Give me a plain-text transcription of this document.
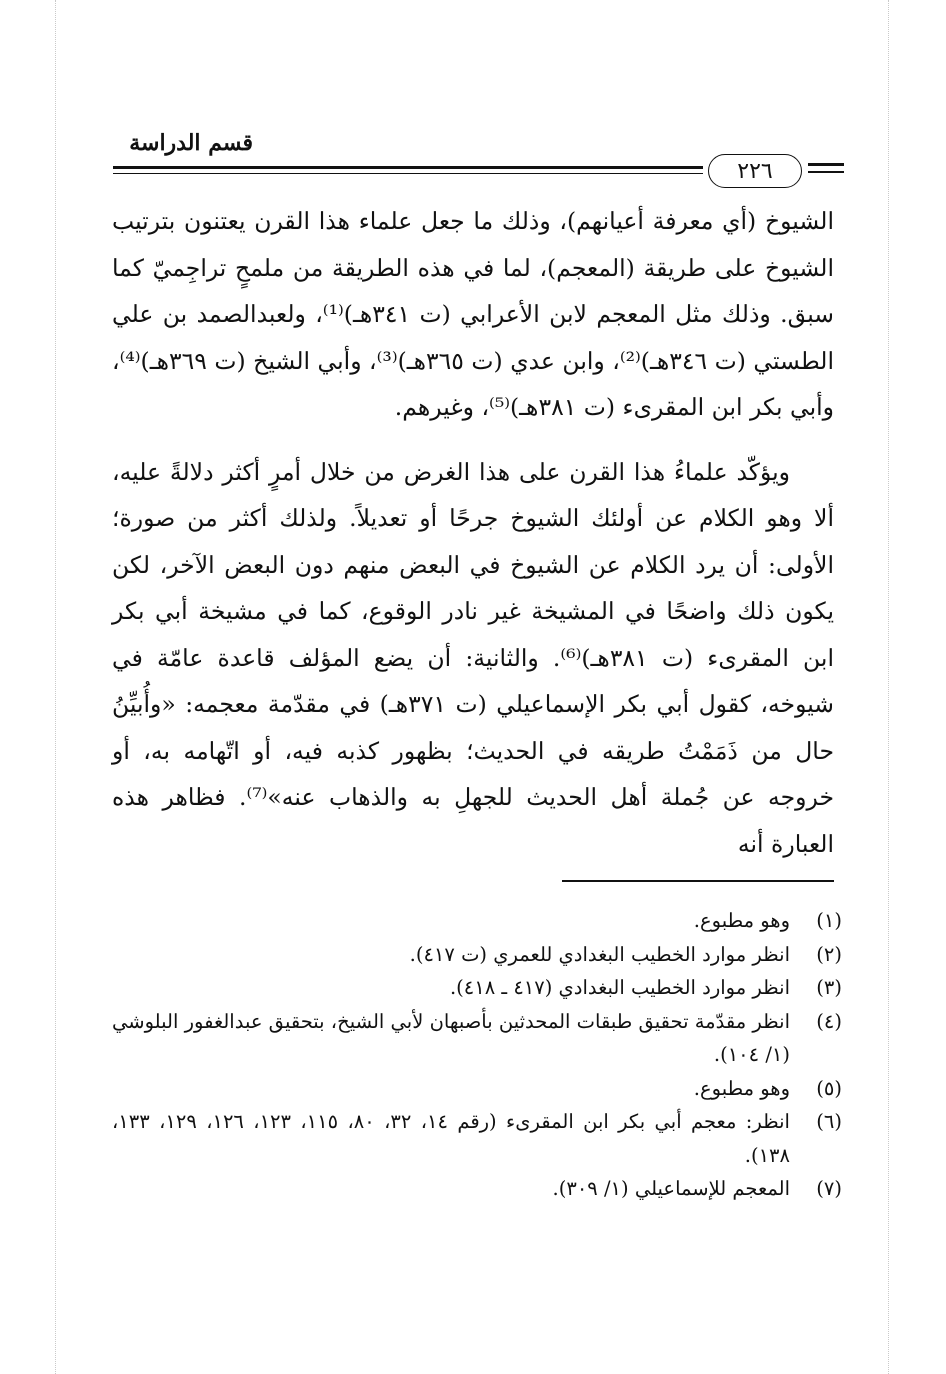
قسم الدراسة
٢٢٦

الشيوخ (أي معرفة أعيانهم)، وذلك ما جعل علماء هذا القرن يعتنون بترتيب الشيوخ على طريقة (المعجم)، لما في هذه الطريقة من ملمحٍ تراجِميّ كما سبق. وذلك مثل المعجم لابن الأعرابي (ت ٣٤١هـ)⁽¹⁾، ولعبدالصمد بن علي الطستي (ت ٣٤٦هـ)⁽²⁾، وابن عدي (ت ٣٦٥هـ)⁽³⁾، وأبي الشيخ (ت ٣٦٩هـ)⁽⁴⁾، وأبي بكر ابن المقرىء (ت ٣٨١هـ)⁽⁵⁾، وغيرهم.

ويؤكّد علماءُ هذا القرن على هذا الغرض من خلال أمرٍ أكثر دلالةً عليه، ألا وهو الكلام عن أولئك الشيوخ جرحًا أو تعديلاً. ولذلك أكثر من صورة؛ الأولى: أن يرد الكلام عن الشيوخ في البعض منهم دون البعض الآخر، لكن يكون ذلك واضحًا في المشيخة غير نادر الوقوع، كما في مشيخة أبي بكر ابن المقرىء (ت ٣٨١هـ)⁽⁶⁾. والثانية: أن يضع المؤلف قاعدة عامّة في شيوخه، كقول أبي بكر الإسماعيلي (ت ٣٧١هـ) في مقدّمة معجمه: «وأُبيِّنُ حال من ذَمَمْتُ طريقه في الحديث؛ بظهور كذبه فيه، أو اتّهامه به، أو خروجه عن جُملة أهل الحديث للجهلِ به والذهاب عنه»⁽⁷⁾. فظاهر هذه العبارة أنه

(١)
وهو مطبوع.
(٢)
انظر موارد الخطيب البغدادي للعمري (ت ٤١٧).
(٣)
انظر موارد الخطيب البغدادي (٤١٧ ـ ٤١٨).
(٤)
انظر مقدّمة تحقيق طبقات المحدثين بأصبهان لأبي الشيخ، بتحقيق عبدالغفور البلوشي (١/ ١٠٤).
(٥)
وهو مطبوع.
(٦)
انظر: معجم أبي بكر ابن المقرىء (رقم ١٤، ٣٢، ٨٠، ١١٥، ١٢٣، ١٢٦، ١٢٩، ١٣٣، ١٣٨).
(٧)
المعجم للإسماعيلي (١/ ٣٠٩).
